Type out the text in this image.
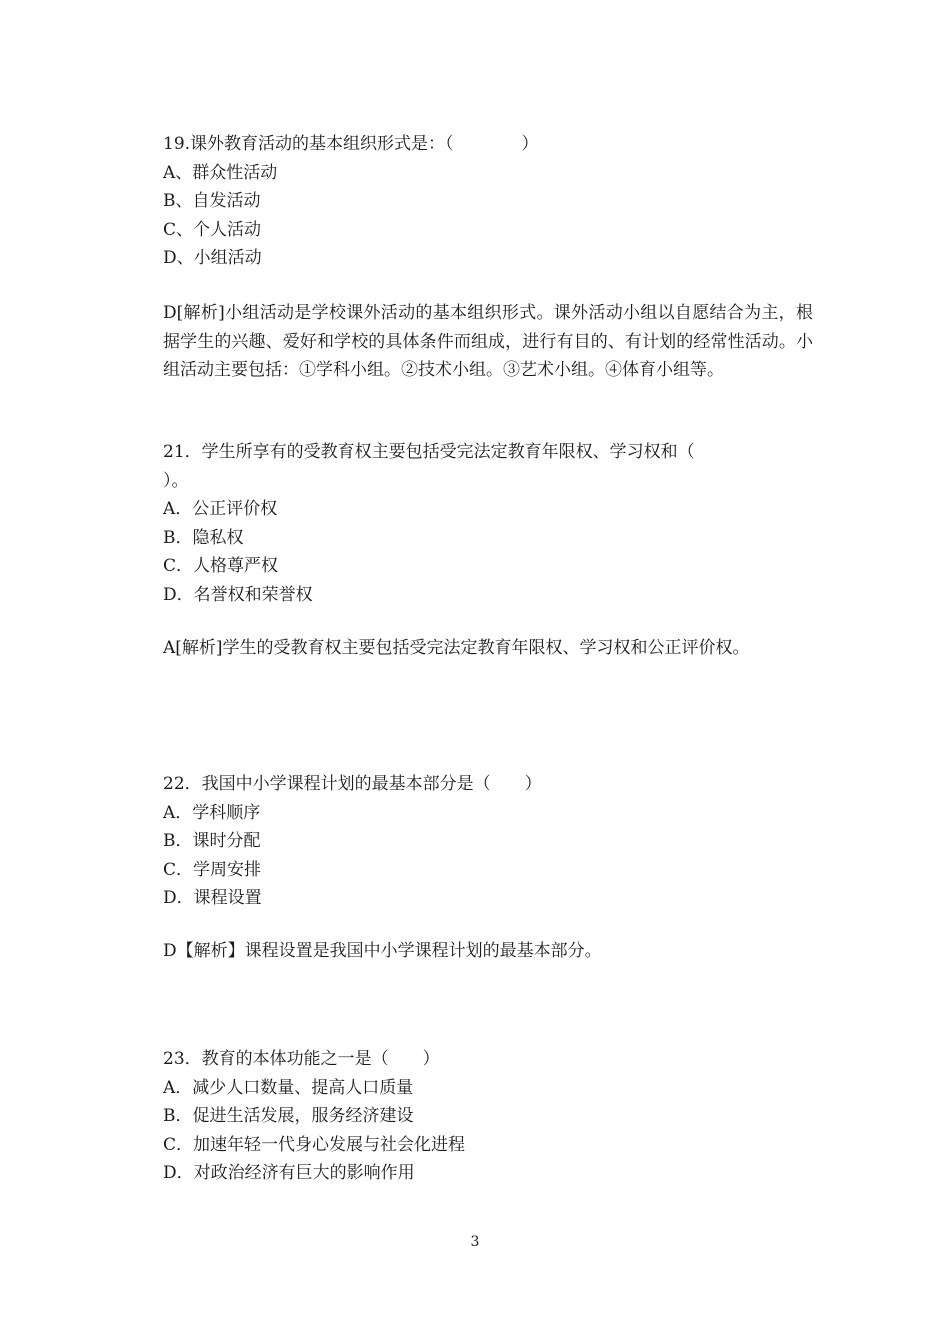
19.课外教育活动的基本组织形式是：（　　　　）

A、群众性活动

B、自发活动

C、个人活动

D、小组活动

D[解析]小组活动是学校课外活动的基本组织形式。课外活动小组以自愿结合为主，根据学生的兴趣、爱好和学校的具体条件而组成，进行有目的、有计划的经常性活动。小组活动主要包括：①学科小组。②技术小组。③艺术小组。④体育小组等。

21．学生所享有的受教育权主要包括受完法定教育年限权、学习权和（

）。

A．公正评价权

B．隐私权

C．人格尊严权

D．名誉权和荣誉权

A[解析]学生的受教育权主要包括受完法定教育年限权、学习权和公正评价权。

22．我国中小学课程计划的最基本部分是（　　）

A．学科顺序

B．课时分配

C．学周安排

D．课程设置

D【解析】课程设置是我国中小学课程计划的最基本部分。

23．教育的本体功能之一是（　　）

A．减少人口数量、提高人口质量

B．促进生活发展，服务经济建设

C．加速年轻一代身心发展与社会化进程

D．对政治经济有巨大的影响作用

3
